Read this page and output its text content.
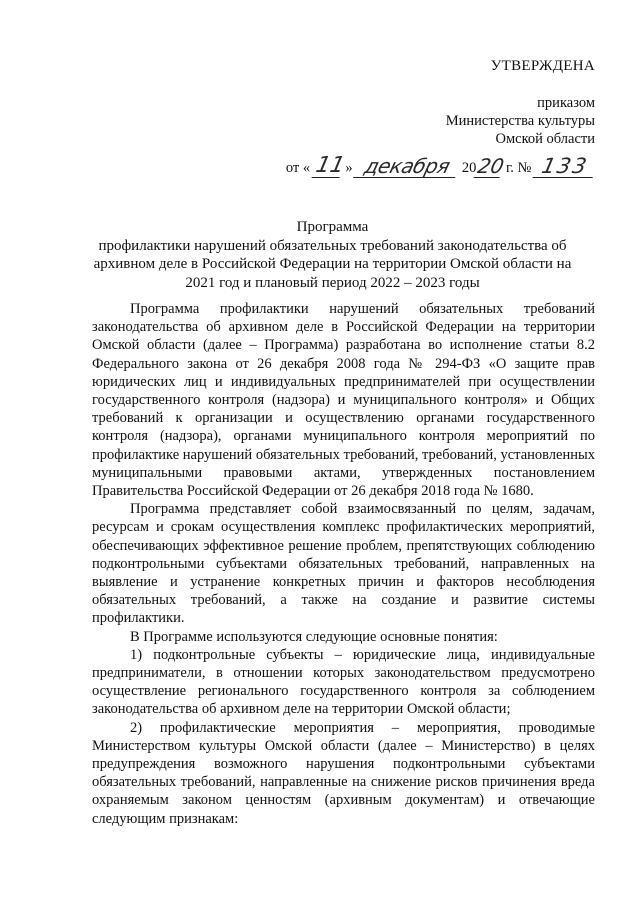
УТВЕРЖДЕНА
приказом
Министерства культуры
Омской области
от « 11 » декабря 2020 г. № 133
Программа
профилактики нарушений обязательных требований законодательства об
архивном деле в Российской Федерации на территории Омской области на
2021 год и плановый период 2022 – 2023 годы

Программа профилактики нарушений обязательных требований законодательства об архивном деле в Российской Федерации на территории Омской области (далее – Программа) разработана во исполнение статьи 8.2 Федерального закона от 26 декабря 2008 года № 294-ФЗ «О защите прав юридических лиц и индивидуальных предпринимателей при осуществлении государственного контроля (надзора) и муниципального контроля» и Общих требований к организации и осуществлению органами государственного контроля (надзора), органами муниципального контроля мероприятий по профилактике нарушений обязательных требований, требований, установленных муниципальными правовыми актами, утвержденных постановлением Правительства Российской Федерации от 26 декабря 2018 года № 1680.

Программа представляет собой взаимосвязанный по целям, задачам, ресурсам и срокам осуществления комплекс профилактических мероприятий, обеспечивающих эффективное решение проблем, препятствующих соблюдению подконтрольными субъектами обязательных требований, направленных на выявление и устранение конкретных причин и факторов несоблюдения обязательных требований, а также на создание и развитие системы профилактики.

В Программе используются следующие основные понятия:

1) подконтрольные субъекты – юридические лица, индивидуальные предприниматели, в отношении которых законодательством предусмотрено осуществление регионального государственного контроля за соблюдением законодательства об архивном деле на территории Омской области;

2) профилактические мероприятия – мероприятия, проводимые Министерством культуры Омской области (далее – Министерство) в целях предупреждения возможного нарушения подконтрольными субъектами обязательных требований, направленные на снижение рисков причинения вреда охраняемым законом ценностям (архивным документам) и отвечающие следующим признакам:
